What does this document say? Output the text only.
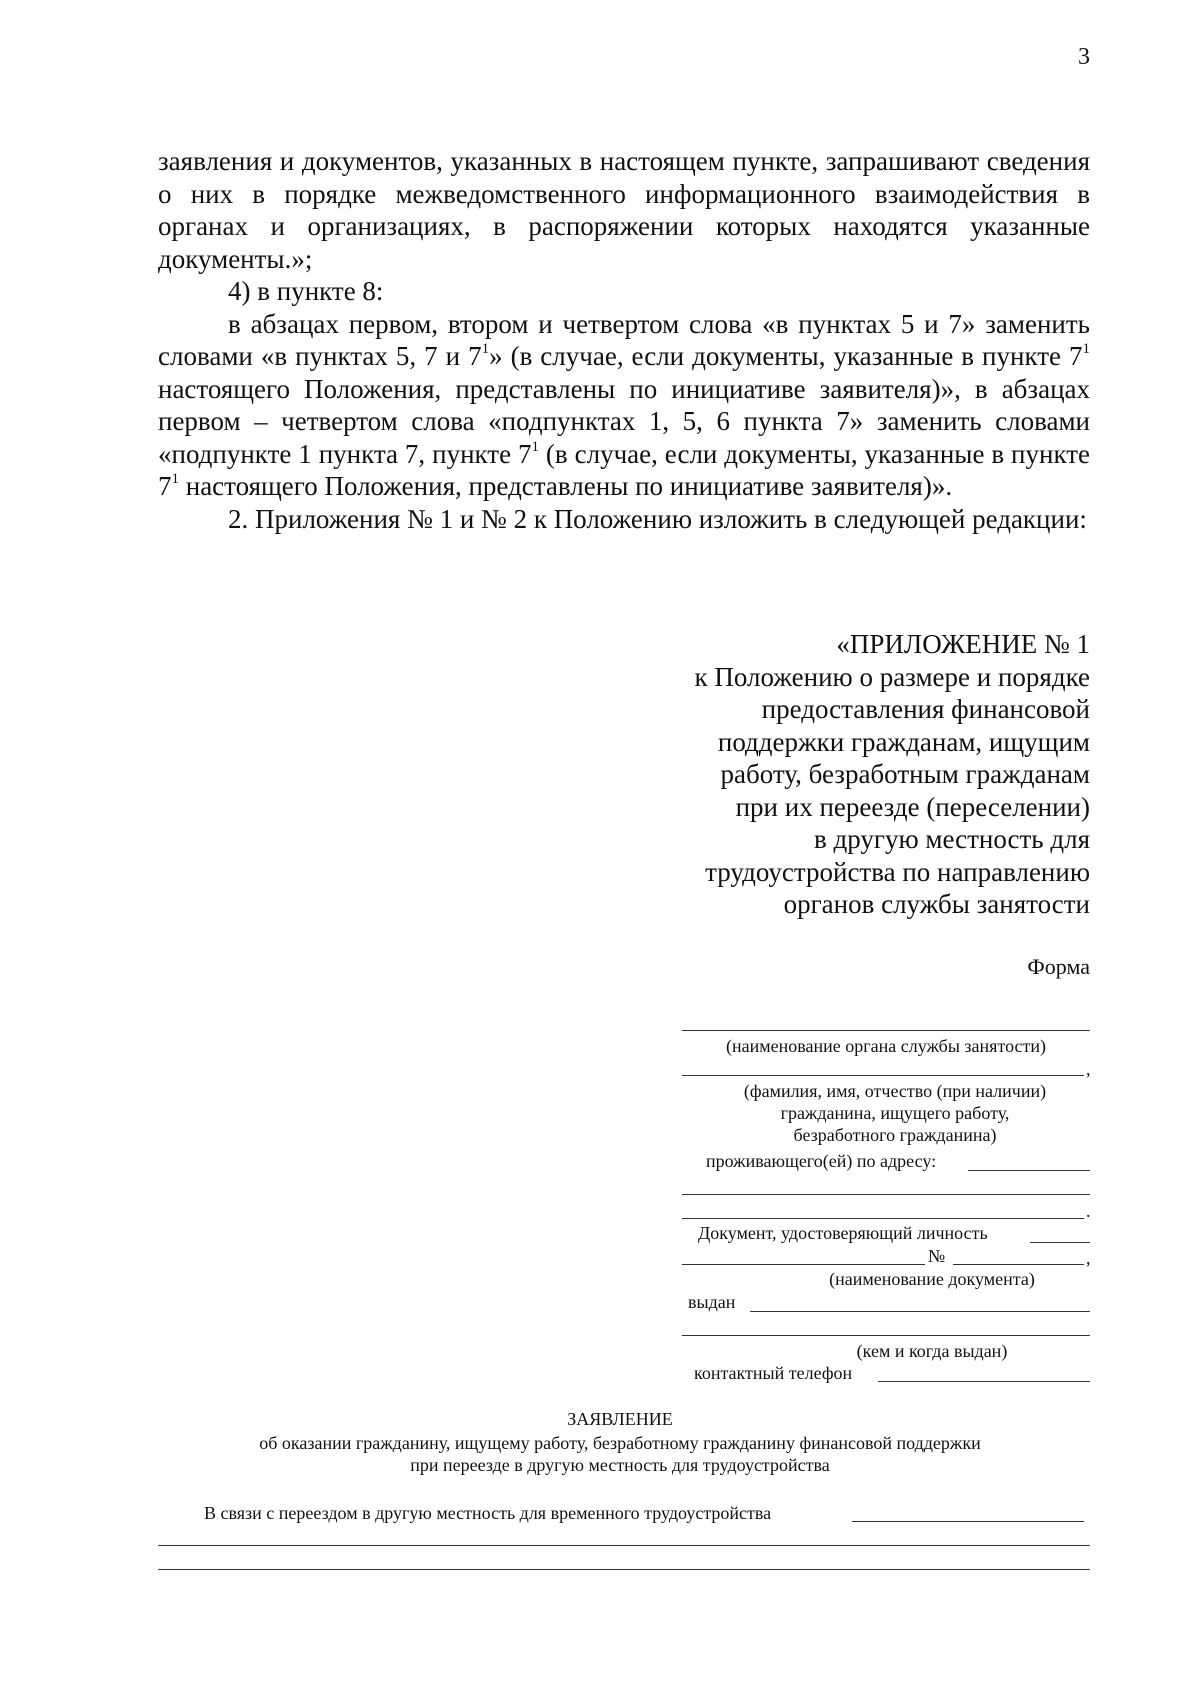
3

заявления и документов, указанных в настоящем пункте, запрашивают сведения о них в порядке межведомственного информационного взаимодействия в органах и организациях, в распоряжении которых находятся указанные документы.»;

4) в пункте 8:

в абзацах первом, втором и четвертом слова «в пунктах 5 и 7» заменить словами «в пунктах 5, 7 и $7^1$» (в случае, если документы, указанные в пункте $7^1$ настоящего Положения, представлены по инициативе заявителя)», в абзацах первом – четвертом слова «подпунктах 1, 5, 6 пункта 7» заменить словами «подпункте 1 пункта 7, пункте $7^1$ (в случае, если документы, указанные в пункте $7^1$ настоящего Положения, представлены по инициативе заявителя)».

2. Приложения № 1 и № 2 к Положению изложить в следующей редакции:

«ПРИЛОЖЕНИЕ № 1
к Положению о размере и порядке
предоставления финансовой
поддержки гражданам, ищущим
работу, безработным гражданам
при их переезде (переселении)
в другую местность для
трудоустройства по направлению
органов службы занятости
Форма
(наименование органа службы занятости)
,
(фамилия, имя, отчество (при наличии)
гражданина, ищущего работу,
безработного гражданина)
проживающего(ей) по адресу:
.
Документ, удостоверяющий личность
№	,
(наименование документа)
выдан
(кем и когда выдан)
контактный телефон
ЗАЯВЛЕНИЕ
об оказании гражданину, ищущему работу, безработному гражданину финансовой поддержки
при переезде в другую местность для трудоустройства
В связи с переездом в другую местность для временного трудоустройства
